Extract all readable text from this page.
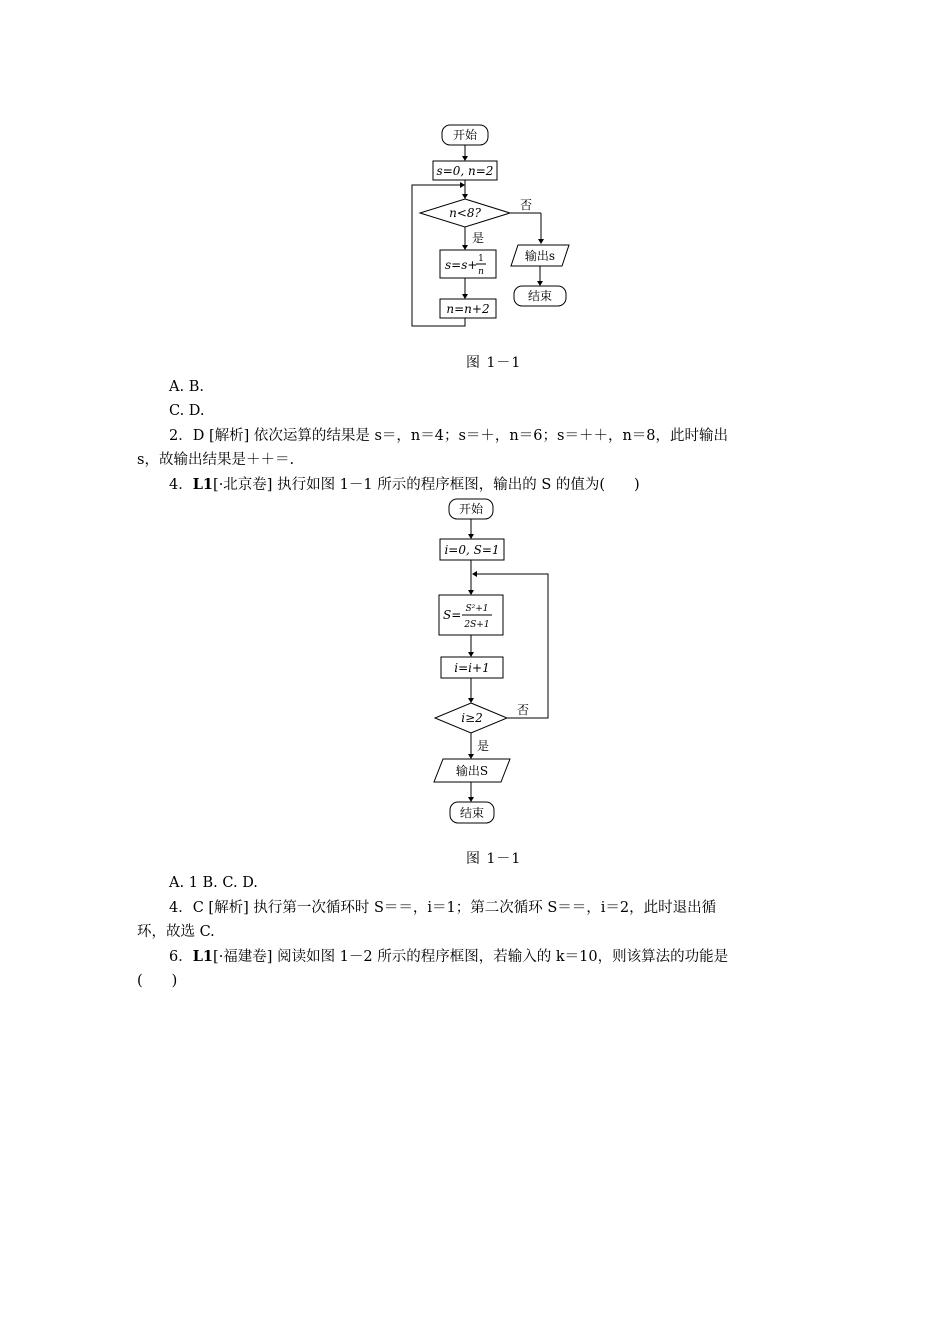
开始
s=0, n=2
n<8?
否
输出s
结束
是
s=s+ 1
n
n=n+2
图 1－1
A. B.
C. D.
2．D [解析] 依次运算的结果是 s＝，n＝4；s＝＋，n＝6；s＝＋＋，n＝8，此时输出
s，故输出结果是＋＋＝.
4．L1[·北京卷] 执行如图 1－1 所示的程序框图，输出的 S 的值为(　　)
开始
i=0, S=1
S= S²+1
2S+1
i=i+1
i≥2
否
是
输出S
结束
图 1－1
A. 1 B. C. D.
4．C [解析] 执行第一次循环时 S＝＝，i＝1；第二次循环 S＝＝，i＝2，此时退出循
环，故选 C.
6．L1[·福建卷] 阅读如图 1－2 所示的程序框图，若输入的 k＝10，则该算法的功能是
(　　)
